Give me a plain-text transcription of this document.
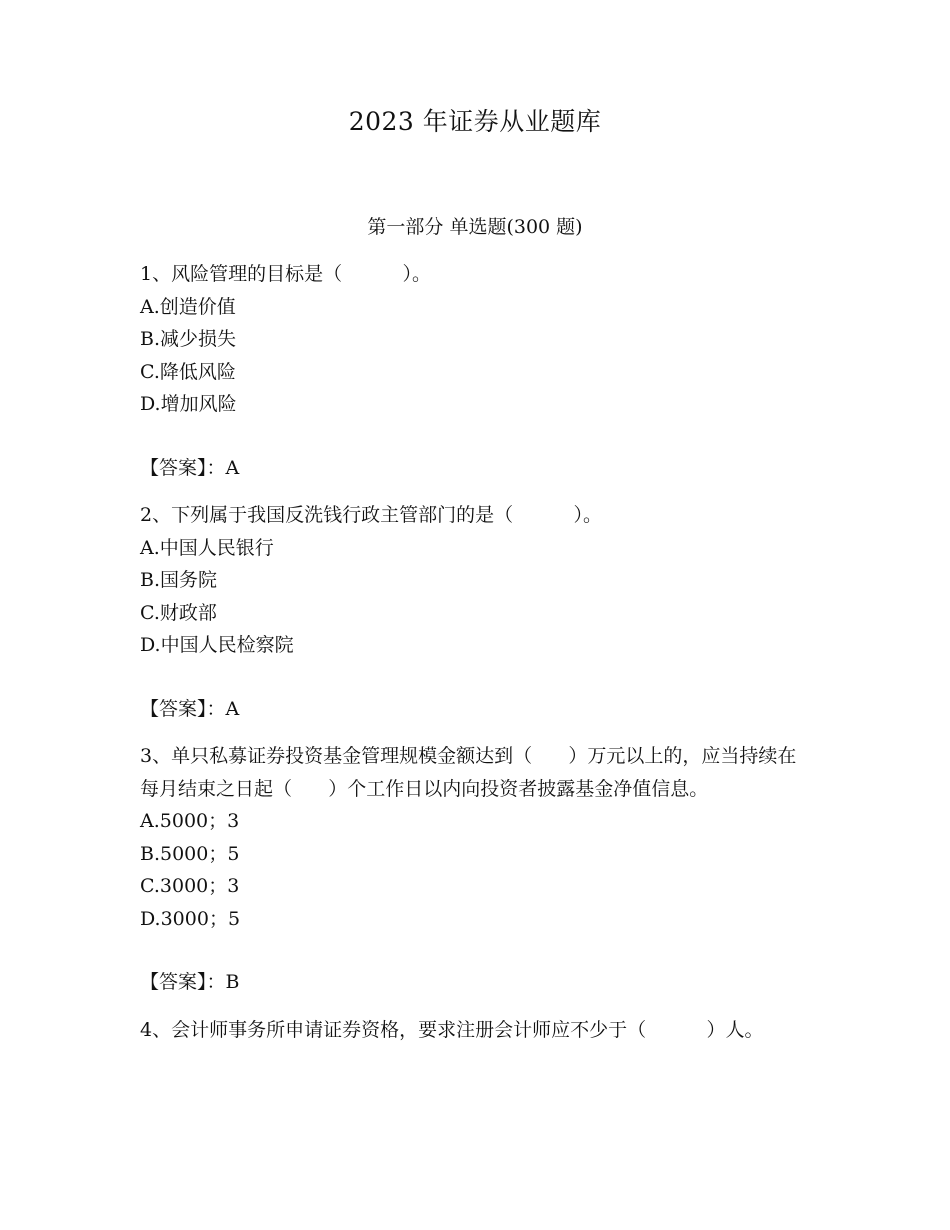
2023 年证券从业题库
第一部分 单选题(300 题)
1、风险管理的目标是（          ）。
A.创造价值
B.减少损失
C.降低风险
D.增加风险
【答案】：A
2、下列属于我国反洗钱行政主管部门的是（          ）。
A.中国人民银行
B.国务院
C.财政部
D.中国人民检察院
【答案】：A
3、单只私募证券投资基金管理规模金额达到（      ）万元以上的，应当持续在每月结束之日起（      ）个工作日以内向投资者披露基金净值信息。
A.5000；3
B.5000；5
C.3000；3
D.3000；5
【答案】：B
4、会计师事务所申请证券资格，要求注册会计师应不少于（          ）人。
